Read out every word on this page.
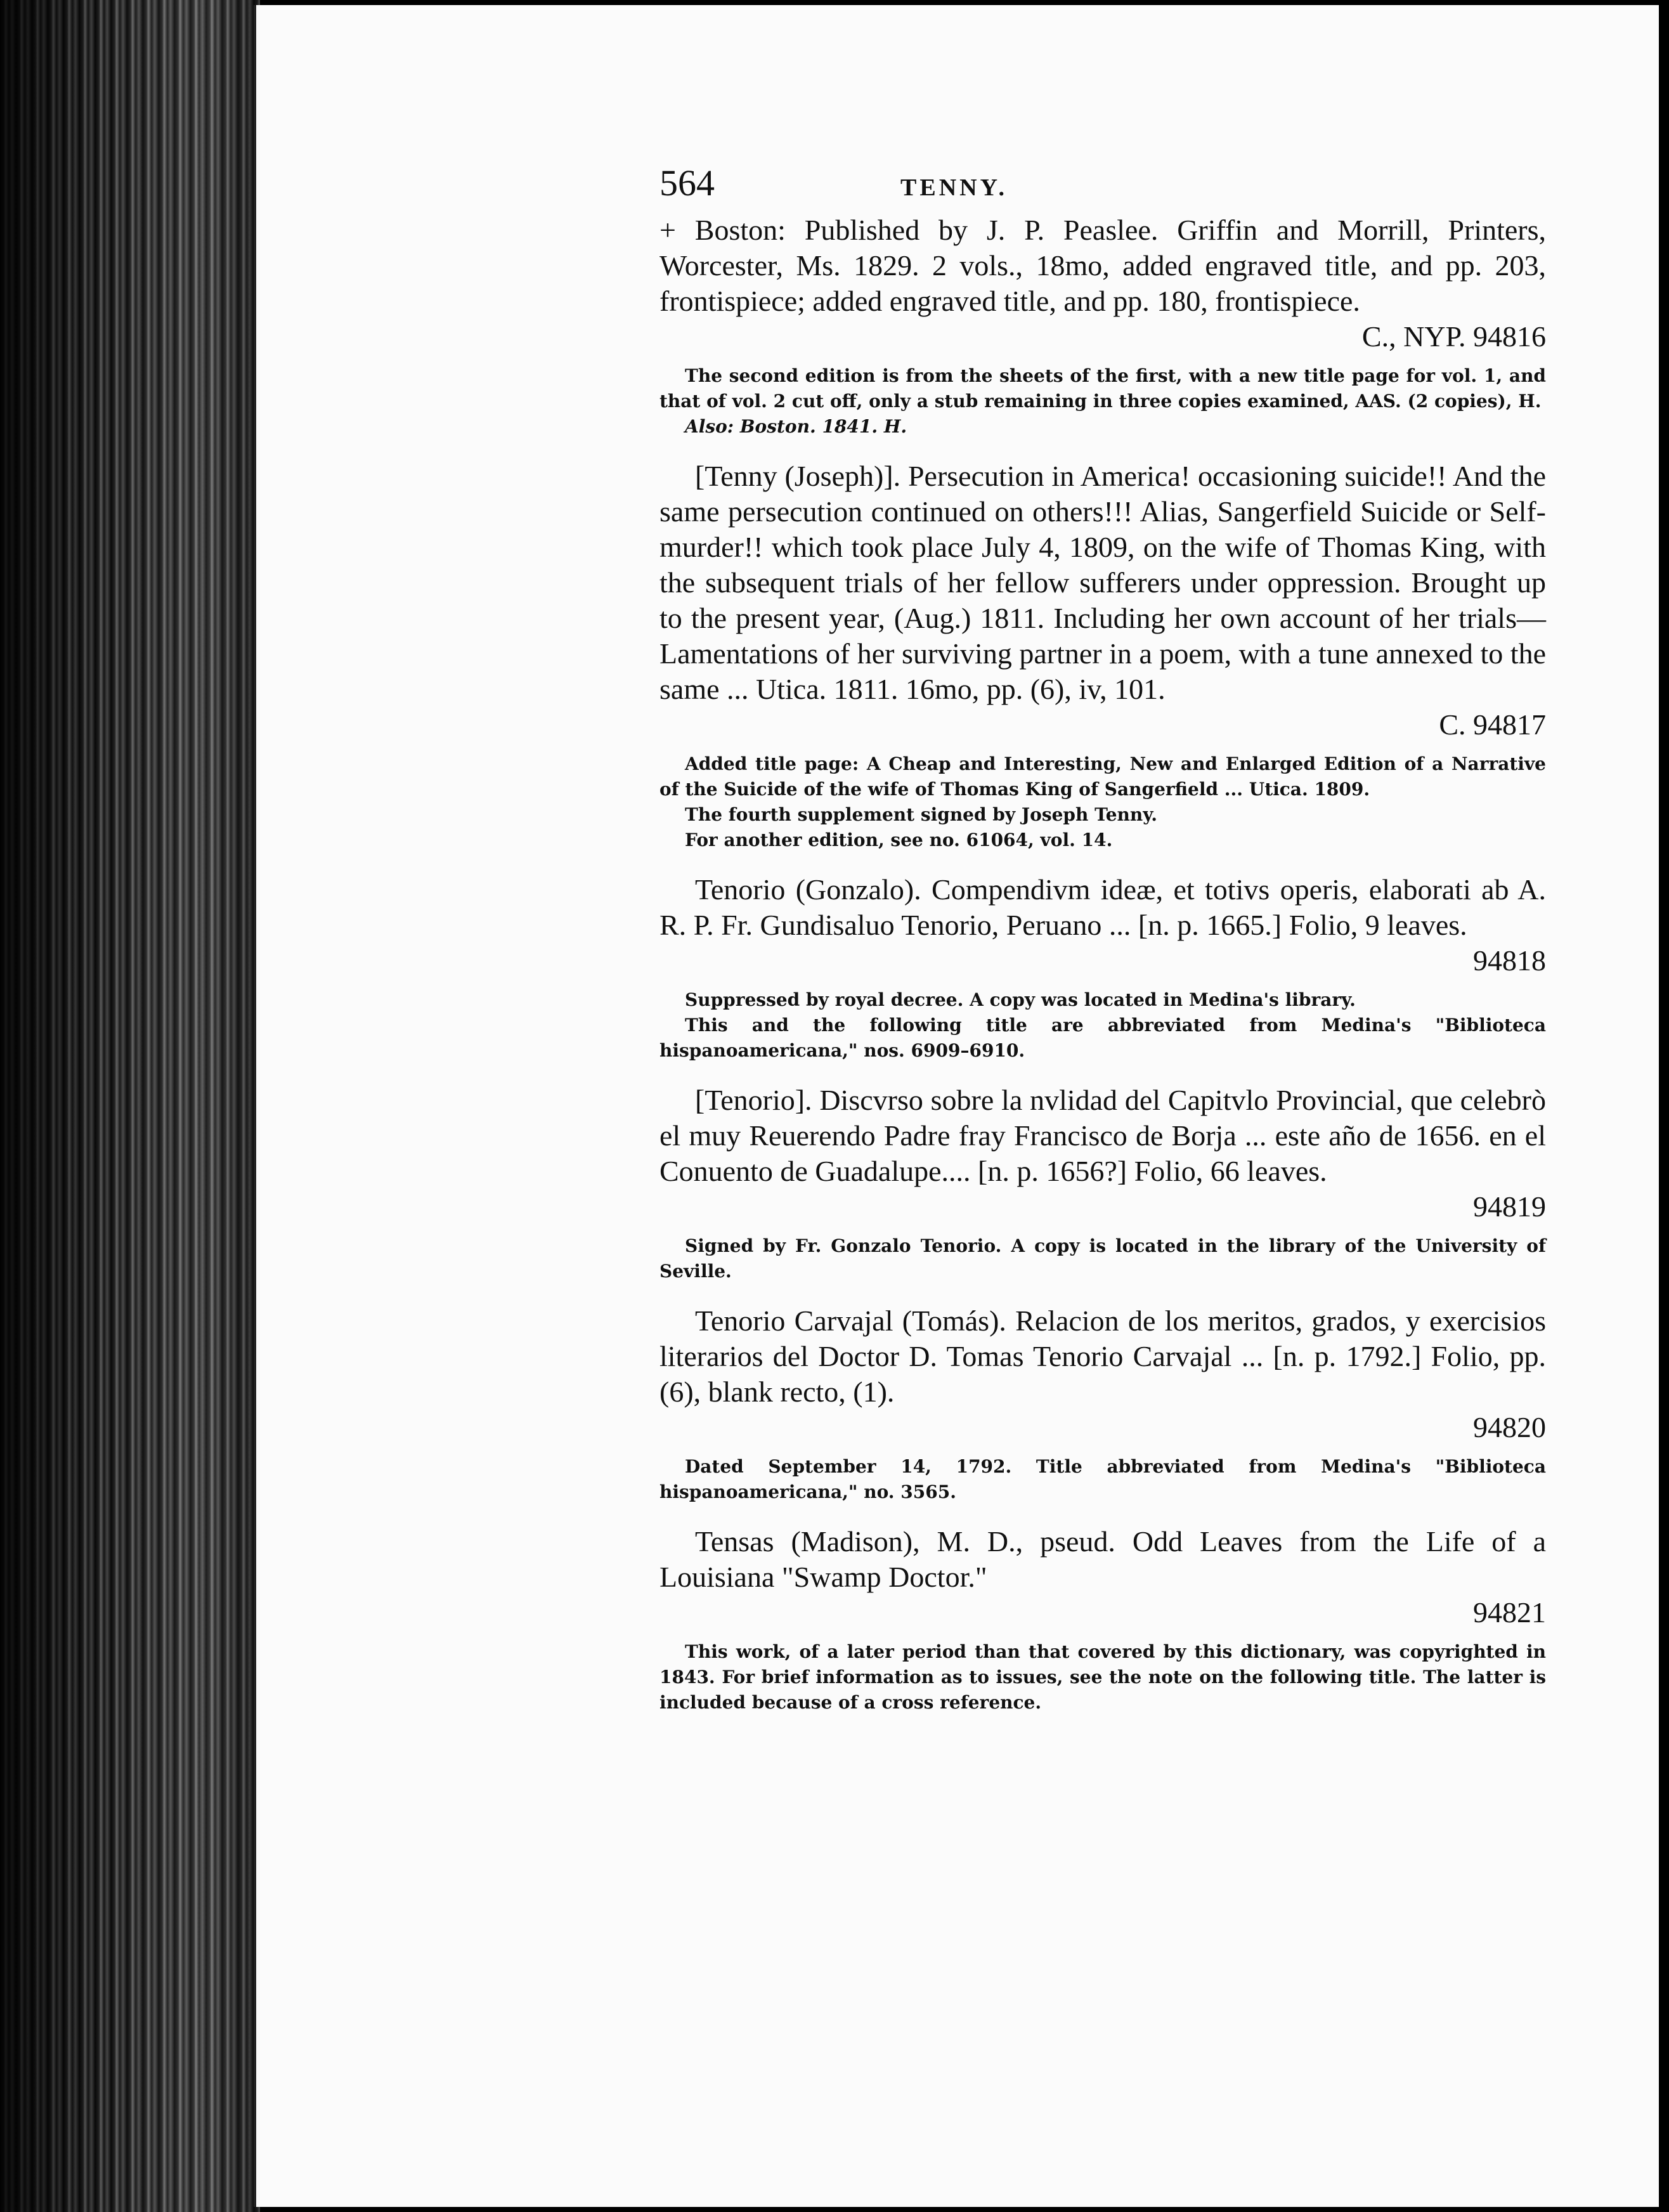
564	TENNY.

+ Boston: Published by J. P. Peaslee. Griffin and Morrill, Printers, Worcester, Ms. 1829. 2 vols., 18mo, added engraved title, and pp. 203, frontispiece; added engraved title, and pp. 180, frontispiece.

C., NYP. 94816

The second edition is from the sheets of the first, with a new title page for vol. 1, and that of vol. 2 cut off, only a stub remaining in three copies examined, AAS. (2 copies), H.

Also: Boston. 1841. H.

[Tenny (Joseph)]. Persecution in America! occasioning suicide!! And the same persecution continued on others!!! Alias, Sangerfield Suicide or Self-murder!! which took place July 4, 1809, on the wife of Thomas King, with the subsequent trials of her fellow sufferers under oppression. Brought up to the present year, (Aug.) 1811. Including her own account of her trials— Lamentations of her surviving partner in a poem, with a tune annexed to the same ... Utica. 1811. 16mo, pp. (6), iv, 101.

C. 94817

Added title page: A Cheap and Interesting, New and Enlarged Edition of a Narrative of the Suicide of the wife of Thomas King of Sangerfield ... Utica. 1809.

The fourth supplement signed by Joseph Tenny.

For another edition, see no. 61064, vol. 14.

Tenorio (Gonzalo). Compendivm ideæ, et totivs operis, elaborati ab A. R. P. Fr. Gundisaluo Tenorio, Peruano ... [n. p. 1665.] Folio, 9 leaves.

94818

Suppressed by royal decree. A copy was located in Medina's library.

This and the following title are abbreviated from Medina's "Biblioteca hispanoamericana," nos. 6909–6910.

[Tenorio]. Discvrso sobre la nvlidad del Capitvlo Provincial, que celebrò el muy Reuerendo Padre fray Francisco de Borja ... este año de 1656. en el Conuento de Guadalupe.... [n. p. 1656?] Folio, 66 leaves.

94819

Signed by Fr. Gonzalo Tenorio. A copy is located in the library of the University of Seville.

Tenorio Carvajal (Tomás). Relacion de los meritos, grados, y exercisios literarios del Doctor D. Tomas Tenorio Carvajal ... [n. p. 1792.] Folio, pp. (6), blank recto, (1).

94820

Dated September 14, 1792. Title abbreviated from Medina's "Biblioteca hispanoamericana," no. 3565.

Tensas (Madison), M. D., pseud. Odd Leaves from the Life of a Louisiana "Swamp Doctor."

94821

This work, of a later period than that covered by this dictionary, was copyrighted in 1843. For brief information as to issues, see the note on the following title. The latter is included because of a cross reference.
